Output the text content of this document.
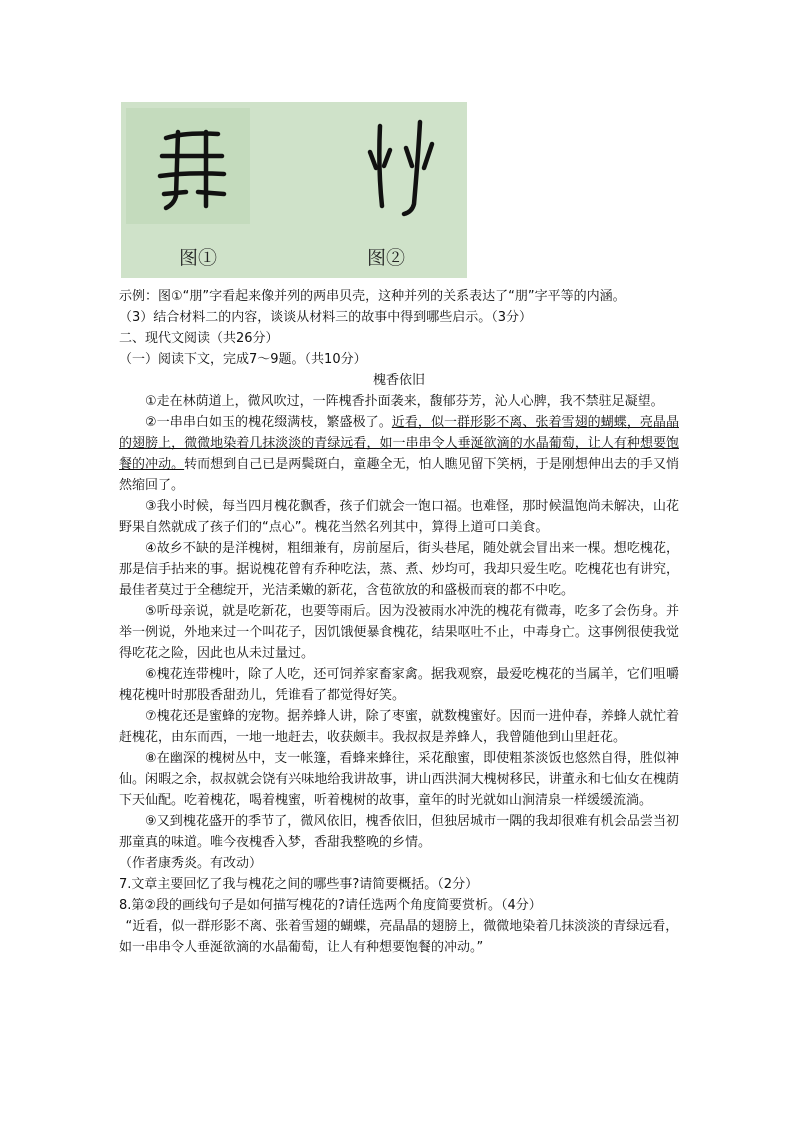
图①	图②
示例：图①“朋”字看起来像并列的两串贝壳，这种并列的关系表达了“朋”字平等的内涵。
（3）结合材料二的内容，谈谈从材料三的故事中得到哪些启示。（3分）
二、现代文阅读（共26分）
（一）阅读下文，完成7～9题。（共10分）

槐香依旧

①走在林荫道上，微风吹过，一阵槐香扑面袭来，馥郁芬芳，沁人心脾，我不禁驻足凝望。

②一串串白如玉的槐花缀满枝，繁盛极了。近看，似一群形影不离、张着雪翅的蝴蝶，亮晶晶的翅膀上，微微地染着几抹淡淡的青绿远看，如一串串令人垂涎欲滴的水晶葡萄，让人有种想要饱餐的冲动。转而想到自己已是两鬓斑白，童趣全无，怕人瞧见留下笑柄，于是刚想伸出去的手又悄然缩回了。

③我小时候，每当四月槐花飘香，孩子们就会一饱口福。也难怪，那时候温饱尚未解决，山花野果自然就成了孩子们的“点心”。槐花当然名列其中，算得上道可口美食。

④故乡不缺的是洋槐树，粗细兼有，房前屋后，街头巷尾，随处就会冒出来一棵。想吃槐花，那是信手拈来的事。据说槐花曾有乔种吃法，蒸、煮、炒均可，我却只爱生吃。吃槐花也有讲究，最佳者莫过于全穗绽开，光洁柔嫩的新花，含苞欲放的和盛极而衰的都不中吃。

⑤听母亲说，就是吃新花，也要等雨后。因为没被雨水冲洗的槐花有微毒，吃多了会伤身。并举一例说，外地来过一个叫花子，因饥饿便暴食槐花，结果呕吐不止，中毒身亡。这事例很使我觉得吃花之险，因此也从未过量过。

⑥槐花连带槐叶，除了人吃，还可饲养家畜家禽。据我观察，最爱吃槐花的当属羊，它们咀嚼槐花槐叶时那股香甜劲儿，凭谁看了都觉得好笑。

⑦槐花还是蜜蜂的宠物。据养蜂人讲，除了枣蜜，就数槐蜜好。因而一进仲春，养蜂人就忙着赶槐花，由东而西，一地一地赶去，收获颇丰。我叔叔是养蜂人，我曾随他到山里赶花。

⑧在幽深的槐树丛中，支一帐篷，看蜂来蜂往，采花酿蜜，即使粗茶淡饭也悠然自得，胜似神仙。闲暇之余，叔叔就会饶有兴味地给我讲故事，讲山西洪洞大槐树移民，讲董永和七仙女在槐荫下天仙配。吃着槐花，喝着槐蜜，听着槐树的故事，童年的时光就如山涧清泉一样缓缓流淌。

⑨又到槐花盛开的季节了，微风依旧，槐香依旧，但独居城市一隅的我却很难有机会品尝当初那童真的味道。唯今夜槐香入梦，香甜我整晚的乡情。

（作者康秀炎。有改动）
7.文章主要回忆了我与槐花之间的哪些事?请简要概括。（2分）
8.第②段的画线句子是如何描写槐花的?请任选两个角度简要赏析。（4分）

“近看，似一群形影不离、张着雪翅的蝴蝶，亮晶晶的翅膀上，微微地染着几抹淡淡的青绿远看，如一串串令人垂涎欲滴的水晶葡萄，让人有种想要饱餐的冲动。”
